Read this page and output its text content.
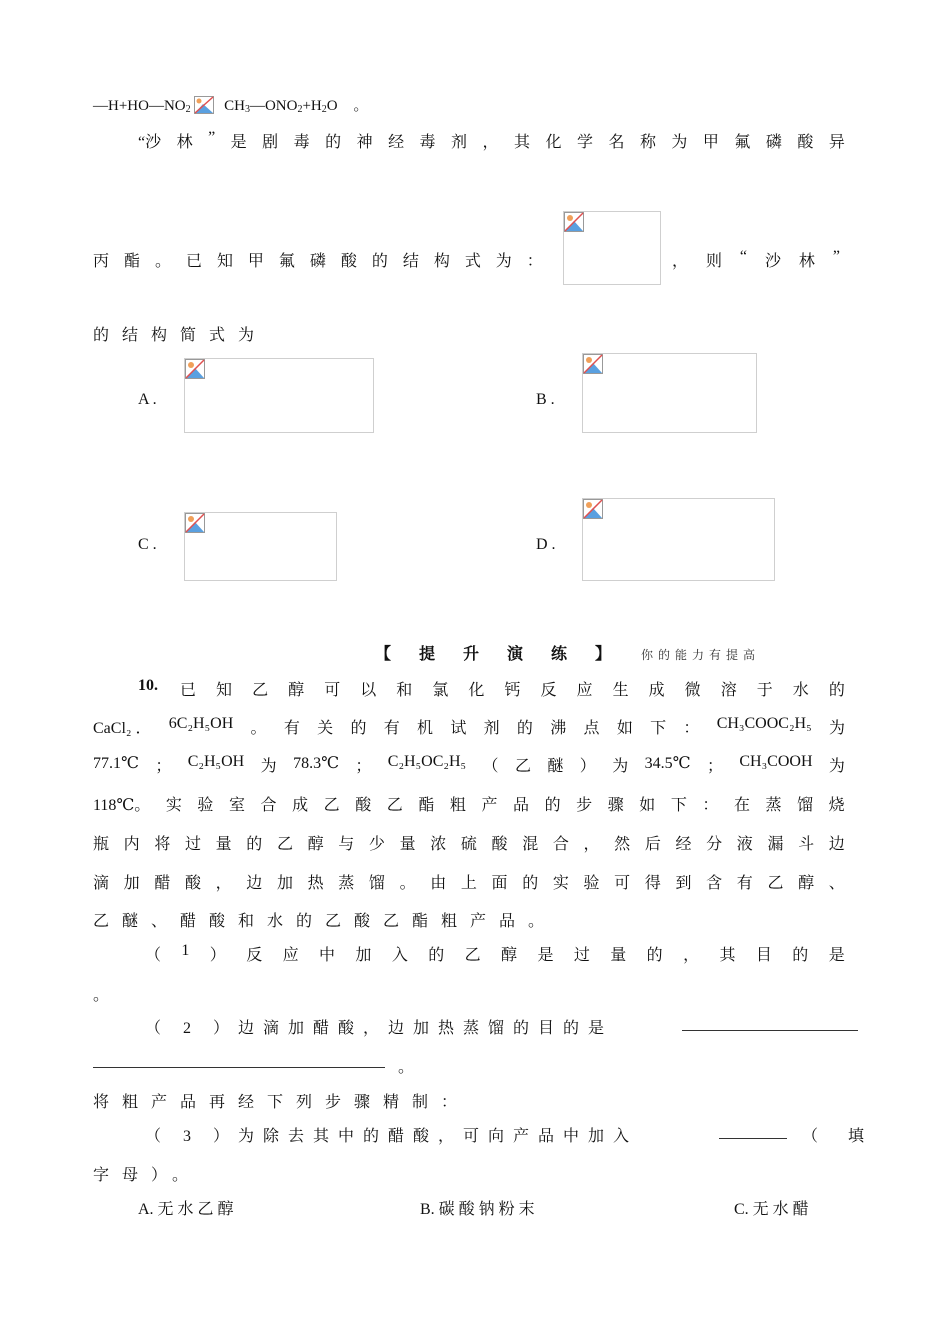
$—H+HO—NO_2$ $CH_3—ONO_2+H_2O$ 。
“沙 林 ” 是 剧 毒 的 神 经 毒 剂 ， 其 化 学 名 称 为 甲 氟 磷 酸 异
丙 酯 。 已 知 甲 氟 磷 酸 的 结 构 式 为 ：	， 则 “ 沙 林 ”
的结构简式为
A .	B .
C .	D .
【 提 升 演 练 】 你的能力有提高
10. 已 知 乙 醇 可 以 和 氯 化 钙 反 应 生 成 微 溶 于 水 的
CaCl₂ ． 6C₂H₅OH 。 有 关 的 有 机 试 剂 的 沸 点 如 下 ： CH₃COOC₂H₅ 为
77.1℃ ； C₂H₅OH 为 78.3℃ ； C₂H₅OC₂H₅ （ 乙 醚 ） 为 34.5℃ ； CH₃COOH 为
118℃。 实 验 室 合 成 乙 酸 乙 酯 粗 产 品 的 步 骤 如 下 ： 在 蒸 馏 烧
瓶 内 将 过 量 的 乙 醇 与 少 量 浓 硫 酸 混 合 ， 然 后 经 分 液 漏 斗 边
滴 加 醋 酸 ， 边 加 热 蒸 馏 。 由 上 面 的 实 验 可 得 到 含 有 乙 醇 、
乙醚、醋酸和水的乙酸乙酯粗产品。
（ 1 ） 反 应 中 加 入 的 乙 醇 是 过 量 的 ， 其 目 的 是
。
（ 2 ）边滴加醋酸，边加热蒸馏的目的是
。
将粗产品再经下列步骤精制：
（ 3 ）为除去其中的醋酸，可向产品中加入	（ 填
字母）。
A. 无 水 乙 醇	B. 碳 酸 钠 粉 末	C. 无 水 醋
